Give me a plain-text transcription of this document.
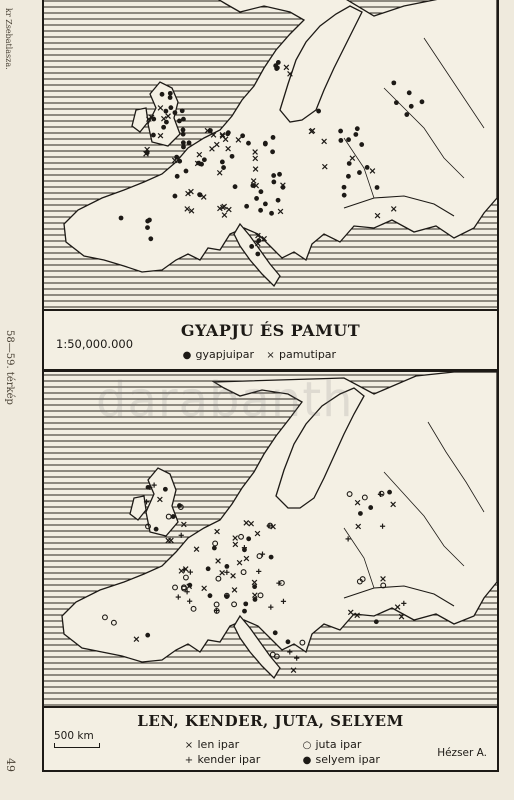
kr Zsebatlasza.
58—59. térkép
49
GYAPJU ÉS PAMUT
1:50,000.000
● gyapjuipar × pamutipar
LEN, KENDER, JUTA, SELYEM
500 km
× len ipar
+ kender ipar
○ juta ipar
● selyem ipar	Hézser A.
